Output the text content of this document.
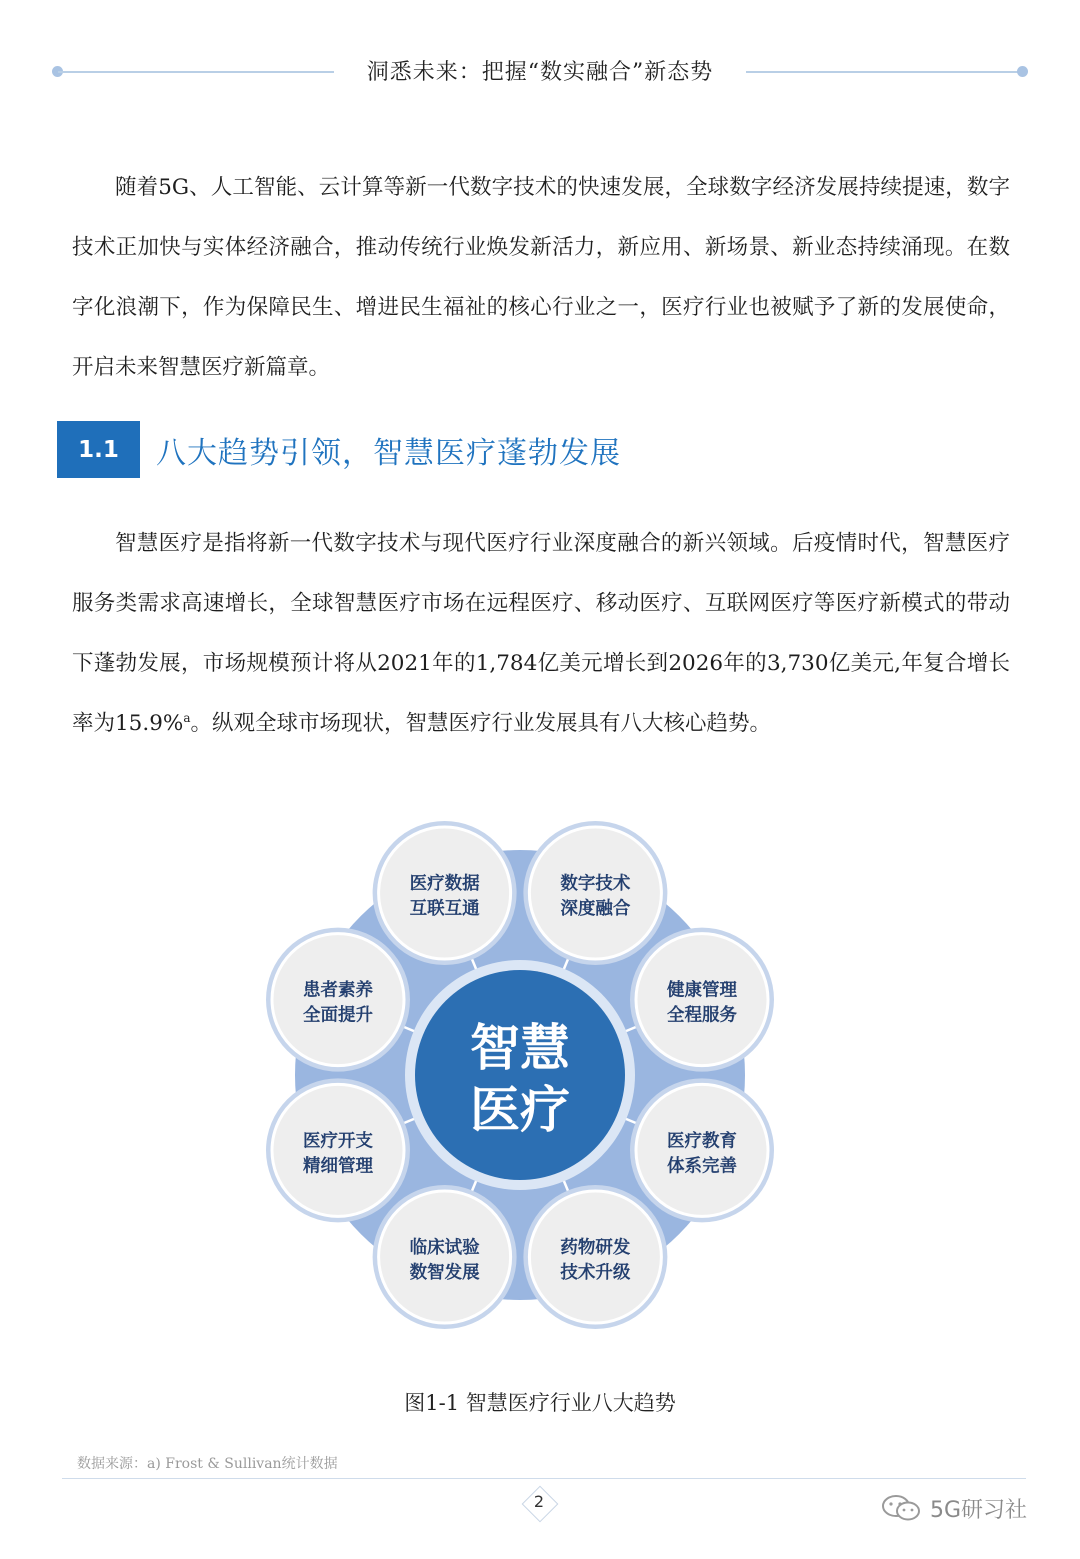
洞悉未来：把握“数实融合”新态势

随着5G、人工智能、云计算等新一代数字技术的快速发展，全球数字经济发展持续提速，数字技术正加快与实体经济融合，推动传统行业焕发新活力，新应用、新场景、新业态持续涌现。在数字化浪潮下，作为保障民生、增进民生福祉的核心行业之一，医疗行业也被赋予了新的发展使命，开启未来智慧医疗新篇章。

1.1	八大趋势引领，智慧医疗蓬勃发展

智慧医疗是指将新一代数字技术与现代医疗行业深度融合的新兴领域。后疫情时代，智慧医疗服务类需求高速增长，全球智慧医疗市场在远程医疗、移动医疗、互联网医疗等医疗新模式的带动下蓬勃发展，市场规模预计将从2021年的1,784亿美元增长到2026年的3,730亿美元,年复合增长率为15.9%$^a$。纵观全球市场现状，智慧医疗行业发展具有八大核心趋势。

医疗数据
互联互通
数字技术
深度融合
健康管理
全程服务
医疗教育
体系完善
药物研发
技术升级
临床试验
数智发展
医疗开支
精细管理
患者素养
全面提升
智慧
医疗
图1-1 智慧医疗行业八大趋势
数据来源：a) Frost & Sullivan统计数据
2	5G研习社
